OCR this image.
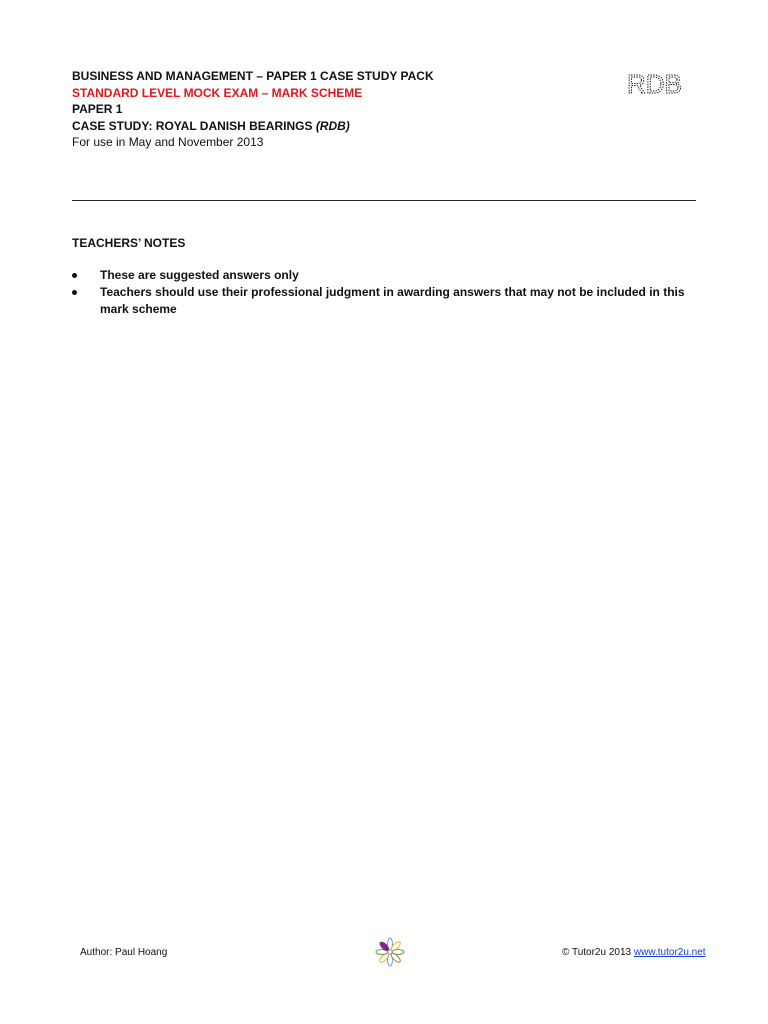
BUSINESS AND MANAGEMENT – PAPER 1 CASE STUDY PACK
STANDARD LEVEL MOCK EXAM – MARK SCHEME
PAPER 1
CASE STUDY: ROYAL DANISH BEARINGS (RDB)
For use in May and November 2013
RDB
TEACHERS’ NOTES
These are suggested answers only
Teachers should use their professional judgment in awarding answers that may not be included in this mark scheme
Author: Paul Hoang	© Tutor2u 2013 www.tutor2u.net
